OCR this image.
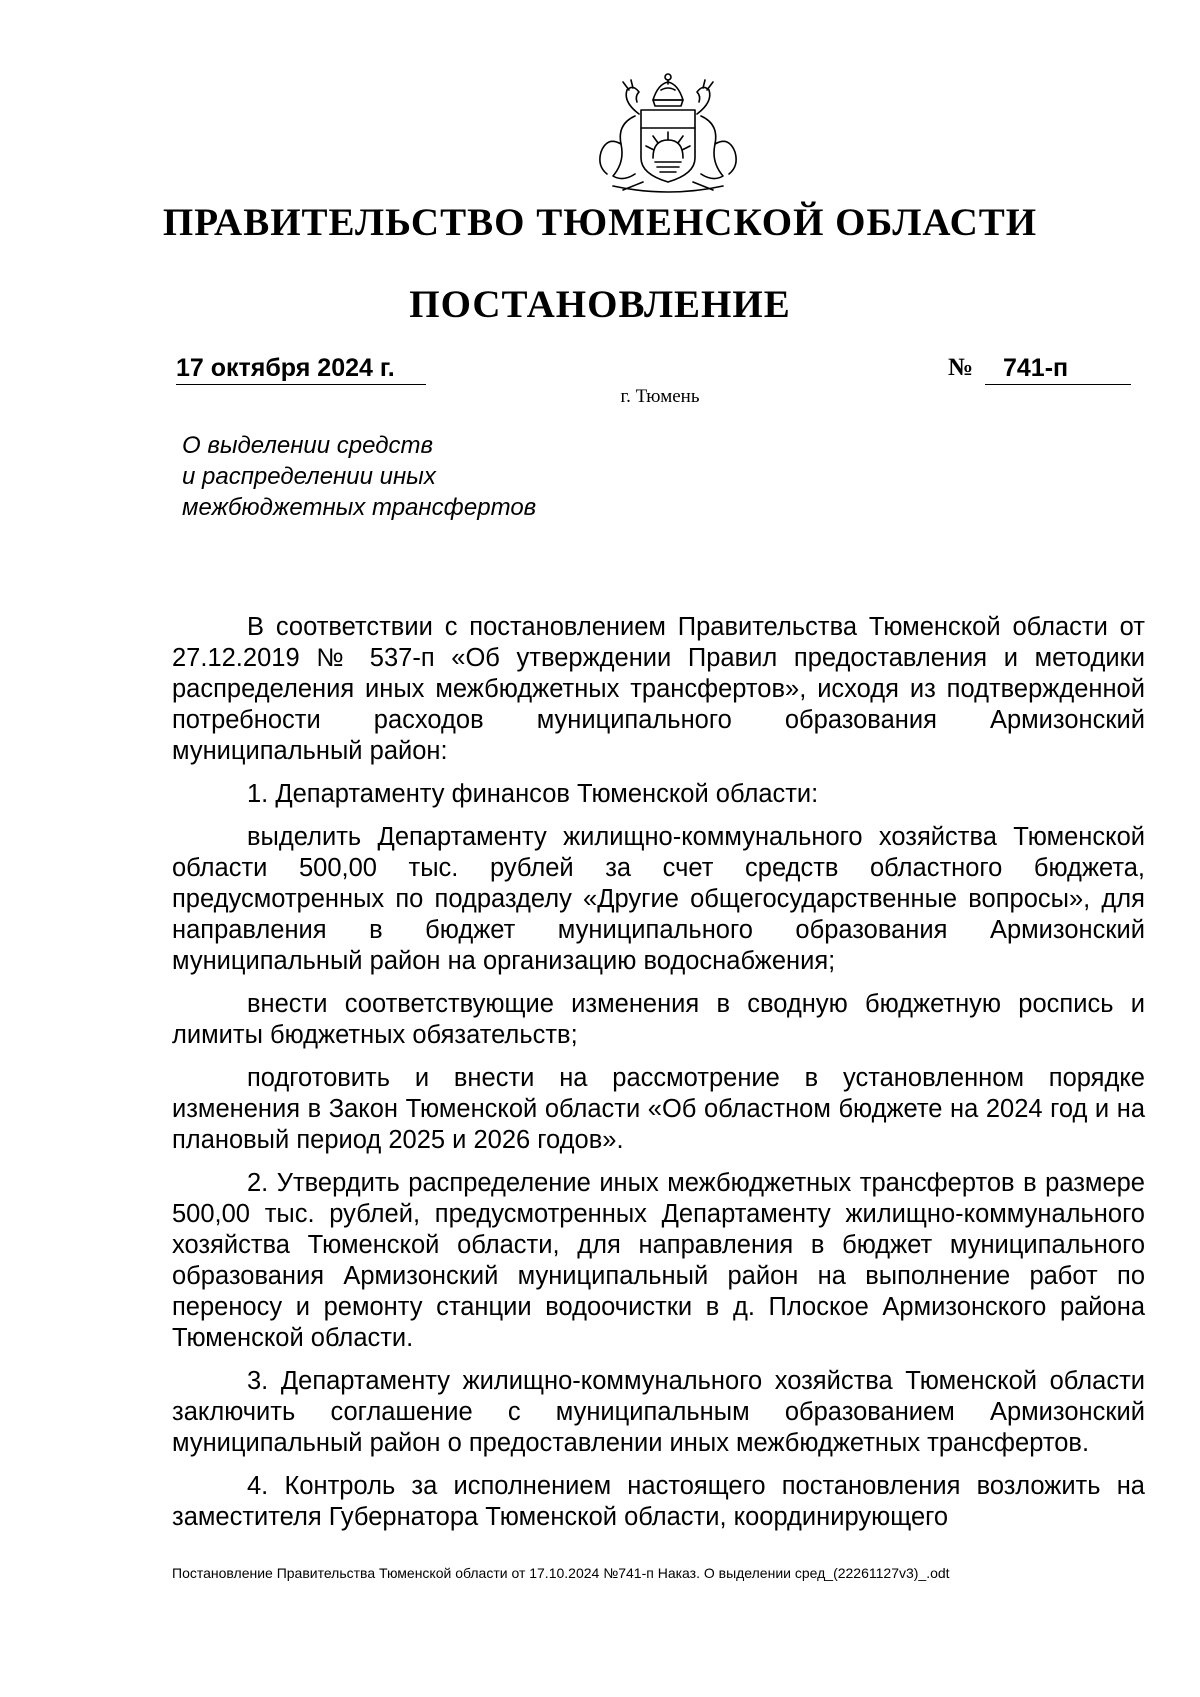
ПРАВИТЕЛЬСТВО ТЮМЕНСКОЙ ОБЛАСТИ
ПОСТАНОВЛЕНИЕ
17 октября 2024 г.	№	741-п
г. Тюмень
О выделении средств
и распределении иных
межбюджетных трансфертов

В соответствии с постановлением Правительства Тюменской области от 27.12.2019 № 537-п «Об утверждении Правил предоставления и методики распределения иных межбюджетных трансфертов», исходя из подтвержденной потребности расходов муниципального образования Армизонский муниципальный район:

1. Департаменту финансов Тюменской области:

выделить Департаменту жилищно-коммунального хозяйства Тюменской области 500,00 тыс. рублей за счет средств областного бюджета, предусмотренных по подразделу «Другие общегосударственные вопросы», для направления в бюджет муниципального образования Армизонский муниципальный район на организацию водоснабжения;

внести соответствующие изменения в сводную бюджетную роспись и лимиты бюджетных обязательств;

подготовить и внести на рассмотрение в установленном порядке изменения в Закон Тюменской области «Об областном бюджете на 2024 год и на плановый период 2025 и 2026 годов».

2. Утвердить распределение иных межбюджетных трансфертов в размере 500,00 тыс. рублей, предусмотренных Департаменту жилищно-коммунального хозяйства Тюменской области, для направления в бюджет муниципального образования Армизонский муниципальный район на выполнение работ по переносу и ремонту станции водоочистки в д. Плоское Армизонского района Тюменской области.

3. Департаменту жилищно-коммунального хозяйства Тюменской области заключить соглашение с муниципальным образованием Армизонский муниципальный район о предоставлении иных межбюджетных трансфертов.

4. Контроль за исполнением настоящего постановления возложить на заместителя Губернатора Тюменской области, координирующего

Постановление Правительства Тюменской области от 17.10.2024 №741-п Наказ. О выделении сред_(22261127v3)_.odt
